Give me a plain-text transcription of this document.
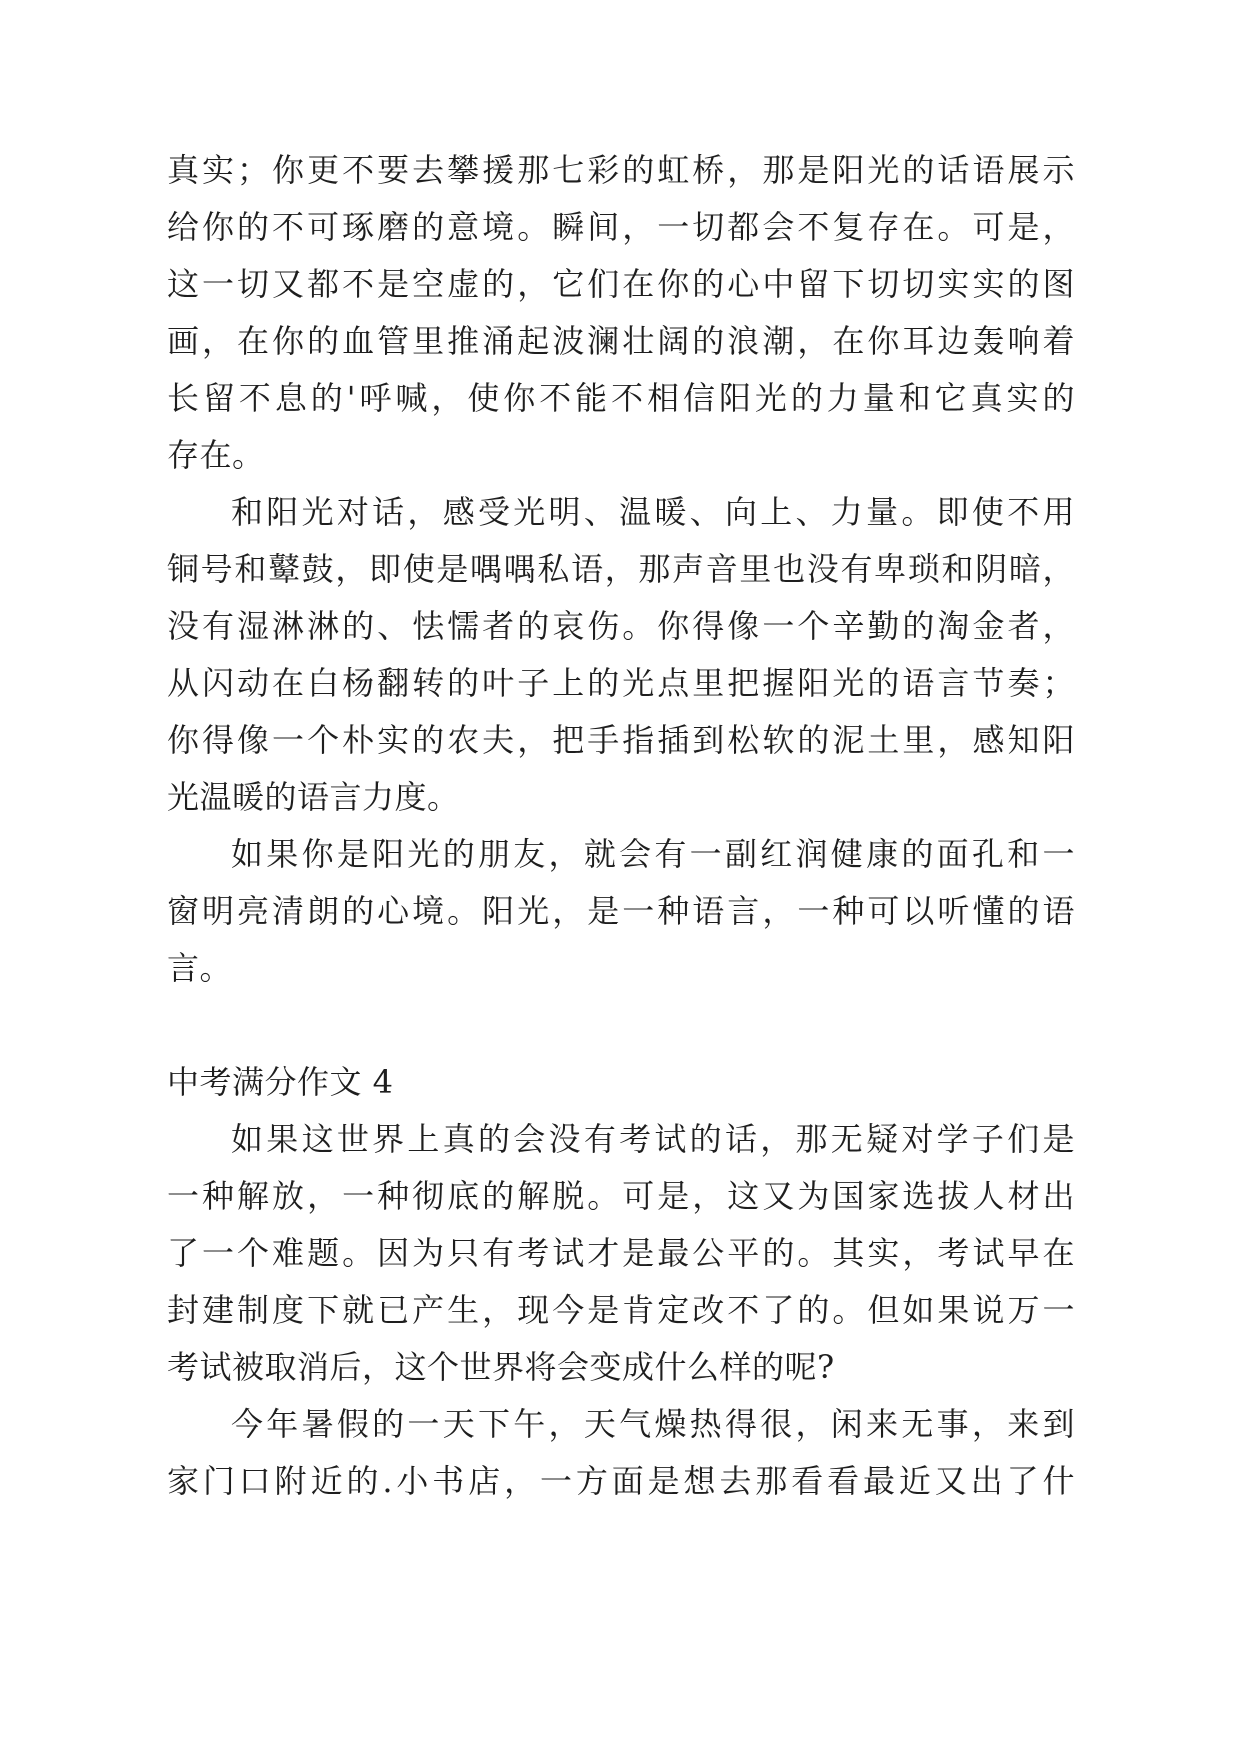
真实；你更不要去攀援那七彩的虹桥，那是阳光的话语展示
给你的不可琢磨的意境。瞬间，一切都会不复存在。可是，
这一切又都不是空虚的，它们在你的心中留下切切实实的图
画，在你的血管里推涌起波澜壮阔的浪潮，在你耳边轰响着
长留不息的'呼喊，使你不能不相信阳光的力量和它真实的
存在。
和阳光对话，感受光明、温暖、向上、力量。即使不用
铜号和鼙鼓，即使是喁喁私语，那声音里也没有卑琐和阴暗，
没有湿淋淋的、怯懦者的哀伤。你得像一个辛勤的淘金者，
从闪动在白杨翻转的叶子上的光点里把握阳光的语言节奏；
你得像一个朴实的农夫，把手指插到松软的泥土里，感知阳
光温暖的语言力度。
如果你是阳光的朋友，就会有一副红润健康的面孔和一
窗明亮清朗的心境。阳光，是一种语言，一种可以听懂的语
言。
中考满分作文 4
如果这世界上真的会没有考试的话，那无疑对学子们是
一种解放，一种彻底的解脱。可是，这又为国家选拔人材出
了一个难题。因为只有考试才是最公平的。其实，考试早在
封建制度下就已产生，现今是肯定改不了的。但如果说万一
考试被取消后，这个世界将会变成什么样的呢?
今年暑假的一天下午，天气燥热得很，闲来无事，来到
家门口附近的.小书店，一方面是想去那看看最近又出了什
